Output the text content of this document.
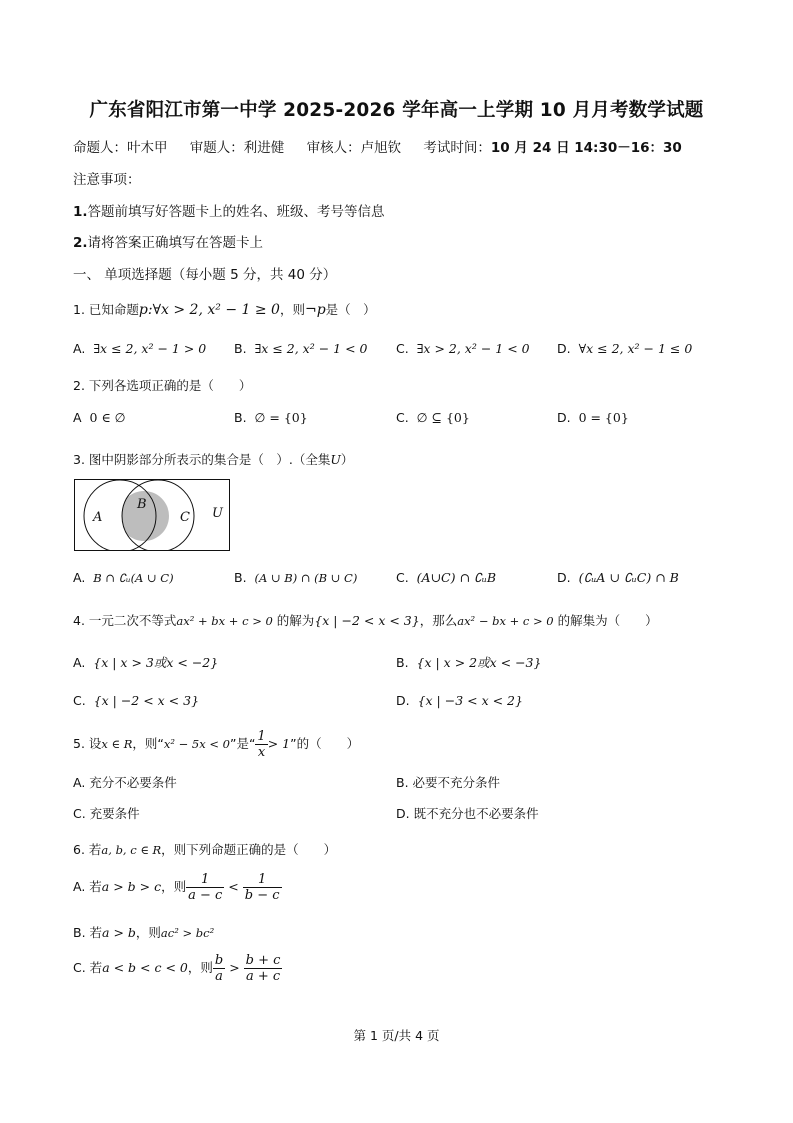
广东省阳江市第一中学 2025-2026 学年高一上学期 10 月月考数学试题
命题人：叶木甲 审题人：利进健 审核人：卢旭钦 考试时间：10 月 24 日 14:30－16：30
注意事项：
1.答题前填写好答题卡上的姓名、班级、考号等信息
2.请将答案正确填写在答题卡上
一、 单项选择题（每小题 5 分，共 40 分）
1. 已知命题p:∀x > 2, x² − 1 ≥ 0，则¬p是（　）
A. ∃x ≤ 2, x² − 1 > 0 B. ∃x ≤ 2, x² − 1 < 0 C. ∃x > 2, x² − 1 < 0 D. ∀x ≤ 2, x² − 1 ≤ 0
2. 下列各选项正确的是（　　）
A 0 ∈ ∅	B. ∅ = {0}	C. ∅ ⊆ {0}	D. 0 = {0}
3. 图中阴影部分所表示的集合是（　）.（全集U）
A
B
C U
A. B ∩ ∁ᵤ(A ∪ C)	B. (A ∪ B) ∩ (B ∪ C)	C. (A∪C) ∩ ∁ᵤB	D. (∁ᵤA ∪ ∁ᵤC) ∩ B
4. 一元二次不等式ax² + bx + c > 0 的解为{x | −2 < x < 3}，那么ax² − bx + c > 0 的解集为（　　）
A. {x | x > 3或x < −2}	B. {x | x > 2或x < −3}
C. {x | −2 < x < 3}	D. {x | −3 < x < 2}
5. 设x ∈ R，则“x² − 5x < 0”是“ $\frac{1}{x} > 1$”的（　　）
A. 充分不必要条件	B. 必要不充分条件
C. 充要条件	D. 既不充分也不必要条件
6. 若a, b, c ∈ R，则下列命题正确的是（　　）
A. 若a > b > c，则 $\frac{1}{a - c} < \frac{1}{b - c}$
B. 若a > b，则ac² > bc²
C. 若a < b < c < 0，则 $\frac{b}{a} > \frac{b + c}{a + c}$
第 1 页/共 4 页
